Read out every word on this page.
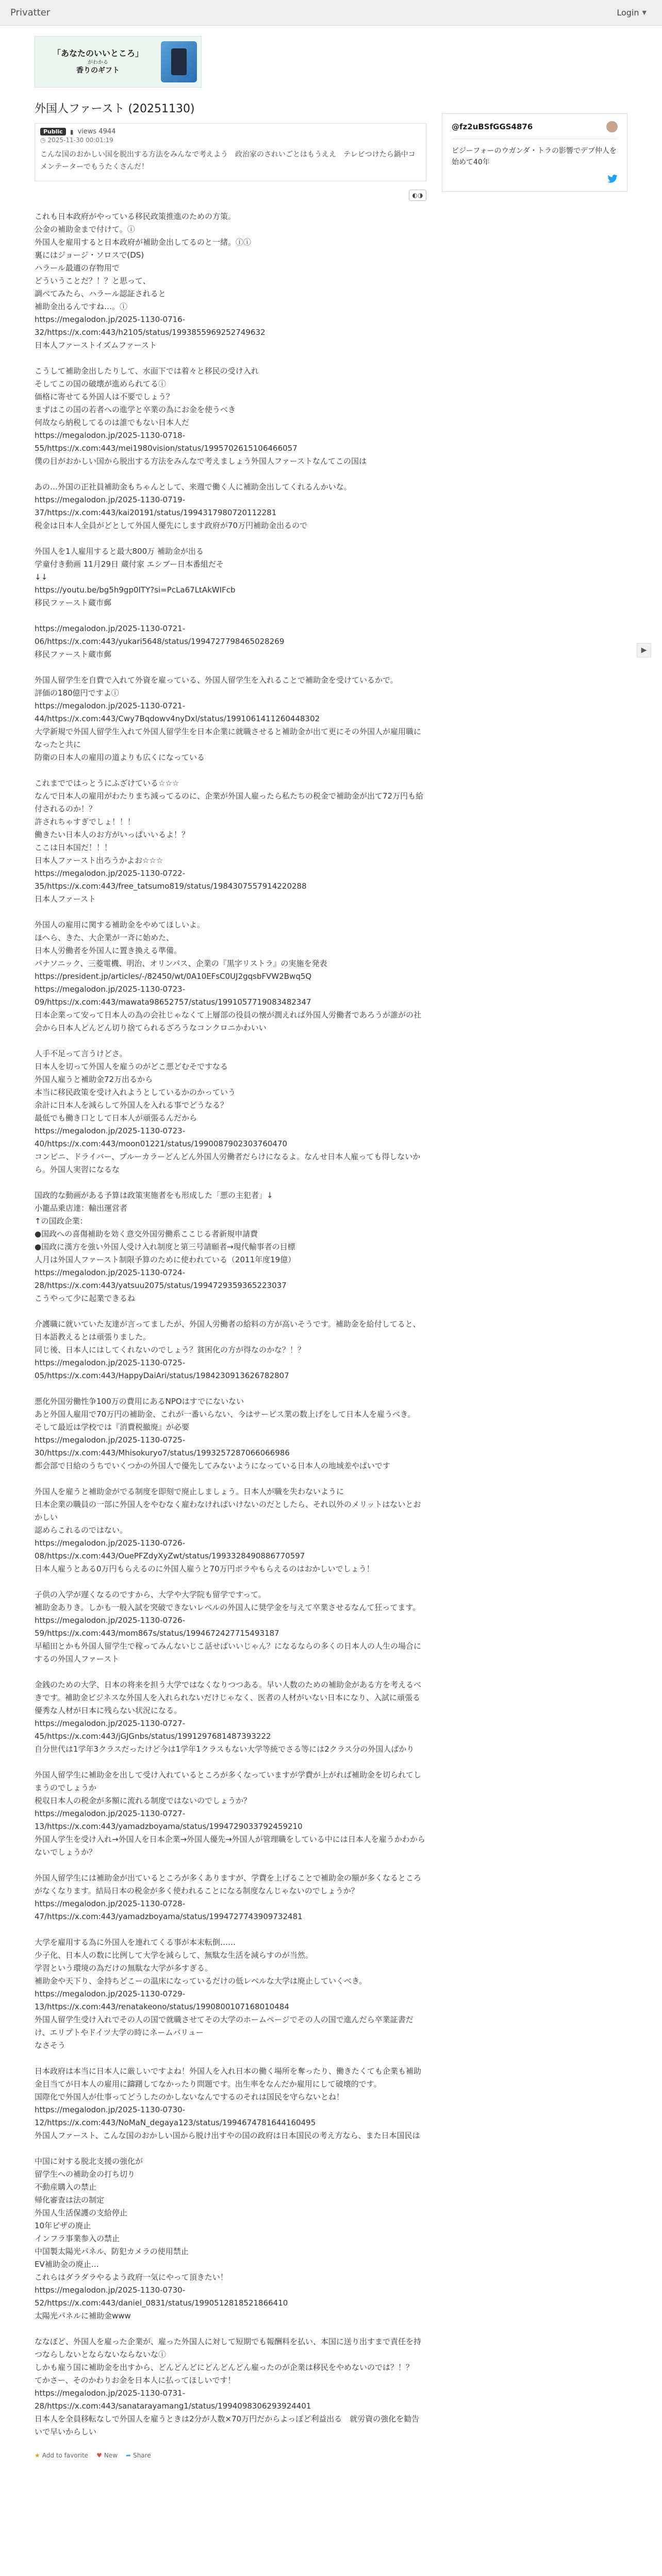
Privatter	Login ▼
「あなたのいいところ」
がわかる
香りのギフト
外国人ファースト (20251130)
Public	▮ views 4944
◷ 2025-11-30 00:01:19
こんな国のおかしい国を脱出する方法をみんなで考えよう　政治家のされいごとはもうええ　テレビつけたら鍋中コメンテーターでもうたくさんだ！
◐◑

これも日本政府がやっている移民政策推進のための方策。
公金の補助金まで付けて。ⓘ
外国人を雇用すると日本政府が補助金出してるのと一緒。ⓘⓘ
裏にはジョージ・ソロスで(DS)
ハラール最適の存物用で
どういうことだ？！？と思って、
調べてみたら、ハラール認証されると
補助金出るんですね…。ⓘ
https://megalodon.jp/2025-1130-0716-
32/https://x.com:443/h2105/status/1993855969252749632
日本人ファーストイズムファースト

こうして補助金出したりして、水面下では着々と移民の受け入れ
そしてこの国の破壊が進められてるⓘ
価格に寄せてる外国人は不要でしょう？
まずはこの国の若者への進学と卒業の為にお金を使うべき
何故なら納税してるのは誰でもない日本人だ
https://megalodon.jp/2025-1130-0718-
55/https://x.com:443/mei1980vision/status/1995702615106466057
僕の目がおかしい国から脱出する方法をみんなで考えましょう外国人ファーストなんてこの国は

あの…外国の正社員補助金もちゃんとして、来週で働く人に補助金出してくれるんかいな。
https://megalodon.jp/2025-1130-0719-
37/https://x.com:443/kai20191/status/1994317980720112281
税金は日本人全員がどとして外国人優先にします政府が70万円補助金出るので

外国人を1人雇用すると最大800万 補助金が出る
学童付き動画 11月29日 蔵付家 エシブー日本番組だそ
↓↓
https://youtu.be/bg5h9gp0ITY?si=PcLa67LtAkWIFcb
移民ファースト蔵市郵

https://megalodon.jp/2025-1130-0721-
06/https://x.com:443/yukari5648/status/1994727798465028269
移民ファースト蔵市郵

外国人留学生を自費で入れて外資を雇っている、外国人留学生を入れることで補助金を受けているかで。
評価の180億円ですよⓘ
https://megalodon.jp/2025-1130-0721-
44/https://x.com:443/Cwy7Bqdowv4nyDxl/status/1991061411260448302
大学新規で外国人留学生入れて外国人留学生を日本企業に就職させると補助金が出て更にその外国人が雇用職になったと共に
防衛の日本人の雇用の道よりも広くになっている

これまでではっとうにふざけている☆☆☆
なんで日本人の雇用がわたりまち減ってるのに、企業が外国人雇ったら私たちの税金で補助金が出て72万円も給付されるのか！？
許されちゃすぎでしょ！！！
働きたい日本人のお方がいっぱいいるよ！？
ここは日本国だ！！！
日本人ファースト出ろうかよお☆☆☆
https://megalodon.jp/2025-1130-0722-
35/https://x.com:443/free_tatsumo819/status/1984307557914220288
日本人ファースト

外国人の雇用に関する補助金をやめてほしいよ。
ほへら、きた、大企業が一斉に始めた、
日本人労働者を外国人に置き換える準備。
パナソニック、三菱電機、明治、オリンパス、企業の『黒字リストラ』の実施を発表
https://president.jp/articles/-/82450/wt/0A10EFsC0UJ2gqsbFVW2Bwq5Q
https://megalodon.jp/2025-1130-0723-
09/https://x.com:443/mawata98652757/status/1991057719083482347
日本企業って安って日本人の為の会社じゃなくて上層部の役員の懐が潤えれば外国人労働者であろうが誰がの社会から日本人どんどん切り捨てられるざろうなコンクロニかわいい

人手不足って言うけどさ。
日本人を切って外国人を雇うのがどこ悪どむそですなる
外国人雇うと補助金72万出るから
本当に移民政策を受け入れようとしているかのかっていう
余計に日本人を減らして外国人を入れる事でどうなる？
最低でも働き口として日本人が頑張るんだから
https://megalodon.jp/2025-1130-0723-
40/https://x.com:443/moon01221/status/1990087902303760470
コンビニ、ドライバー、ブルーカラーどんどん外国人労働者だらけになるよ。なんせ日本人雇っても得しないから。外国人実習になるな

国政的な動画がある予算は政策実施者をも形成した「悪の主犯者」↓
小籠品乗店達：輸出運営者
↑の国政企業：
●国政への喜傷補助を効く意交外国労働系ここじる者新規申請費
●国政に漢方を強い外国人受け入れ制度と第三号請願者→現代輸事者の目標
人月は外国人ファースト制限予算のために使われている（2011年度19億）
https://megalodon.jp/2025-1130-0724-
28/https://x.com:443/yatsuu2075/status/1994729359365223037
こうやって少に起業できるね

介護職に就いていた友達が言ってましたが、外国人労働者の給料の方が高いそうです。補助金を給付してると、
日本語教えるとは頑張りました。
同じ後、日本人にはしてくれないのでしょう？貧困化の方が得なのかな？！？
https://megalodon.jp/2025-1130-0725-
05/https://x.com:443/HappyDaiAri/status/1984230913626782807

悪化外国労働性争100万の費用にあるNPOはすでにないない
あと外国人雇用で70万円の補助金、これが一番いらない、今はサービス業の数上げをして日本人を雇うべき。
そして最近は学校では『消費税撤廃』が必要
https://megalodon.jp/2025-1130-0725-
30/https://x.com:443/Mhisokuryo7/status/1993257287066066986
都会部で日給のうちでいくつかの外国人で優先してみないようになっている日本人の地域差やばいです

外国人を雇うと補助金がでる制度を即刻で廃止しましょう。日本人が職を失わないように
日本企業の職員の一部に外国人をやむなく雇わなければいけないのだとしたら、それ以外のメリットはないとおかしい
認めらこれるのではない。
https://megalodon.jp/2025-1130-0726-
08/https://x.com:443/OuePFZdyXyZwt/status/1993328490886770597
日本人雇うとある0万円もらえるのに外国人雇うと70万円ボラやもらえるのはおかしいでしょう！

子供の入学が遅くなるのですから、大学や大学院も留学ですって。
補助金ありき。しかも一般入試を突破できないレベルの外国人に奨学金を与えて卒業させるなんて狂ってます。
https://megalodon.jp/2025-1130-0726-
59/https://x.com:443/mom867s/status/1994672427715493187
早稲田とかも外国人留学生で稼ってみんないじこ話せばいいじゃん？になるならの多くの日本人の人生の場合にするの外国人ファースト

金銭のための大学、日本の将来を担う大学ではなくなりつつある。早い人数のための補助金がある方を考えるべきです。補助金ビジネスな外国人を入れられないだけじゃなく、医者の人材がいない日本になり、入試に頑張る優秀な人材が日本に残らない状況になる。
https://megalodon.jp/2025-1130-0727-
45/https://x.com:443/jGJGnbs/status/1991297681487393222
自分世代は1学年3クラスだったけど今は1学年1クラスもない大学等統でさる等には2クラス分の外国人ばかり

外国人留学生に補助金を出して受け入れているところが多くなっていますが学費が上がれば補助金を切られてしまうのでしょうか
税収日本人の税金が多額に流れる制度ではないのでしょうか？
https://megalodon.jp/2025-1130-0727-
13/https://x.com:443/yamadzboyama/status/1994729033792459210
外国人学生を受け入れ→外国人を日本企業→外国人優先→外国人が管理職をしている中には日本人を雇うかわからないでしょうか？

外国人留学生には補助金が出ているところが多くありますが、学費を上げることで補助金の額が多くなるところがなくなります。結局日本の税金が多く使われることになる制度なんじゃないのでしょうか？
https://megalodon.jp/2025-1130-0728-
47/https://x.com:443/yamadzboyama/status/1994727743909732481

大学を雇用する為に外国人を連れてくる事が本末転倒……
少子化、日本人の数に比例して大学を減らして、無駄な生活を減らすのが当然。
学習という環境の為だけの無駄な大学が多すぎる。
補助金や天下り、金持ちどこーの温床になっているだけの低レベルな大学は廃止していくべき。
https://megalodon.jp/2025-1130-0729-
13/https://x.com:443/renatakeono/status/1990800107168010484
外国人留学生受け入れでその人の国で就職させてその大学のホームページでその人の国で進んだら卒業証書だけ、エリプトやドイツ大学の時にネームバリュー
なさそう

日本政府は本当に日本人に厳しいですよね！外国人を入れ日本の働く場所を奪ったり、働きたくても企業も補助金目当てが日本人の雇用に躊躇してなかったり問題です。出生率をなんだか雇用にして破壊的です。
国際化で外国人が仕事ってどうしたのかしないなんでするのそれは国民を守らないとね！
https://megalodon.jp/2025-1130-0730-
12/https://x.com:443/NoMaN_degaya123/status/1994674781644160495
外国人ファースト、こんな国のおかしい国から脱け出すやの国の政府は日本国民の考え方なら、また日本国民は

中国に対する脱北支援の強化が
留学生への補助金の打ち切り
不動産購入の禁止
帰化審査は法の制定
外国人生活保護の支給停止
10年ビザの廃止
インフラ事業参入の禁止
中国製太陽光パネル、防犯カメラの使用禁止
EV補助金の廃止…
これらはダラダラやるよう政府一気にやって頂きたい！
https://megalodon.jp/2025-1130-0730-
52/https://x.com:443/daniel_0831/status/1990512818521866410
太陽光パネルに補助金www

ななぼど、外国人を雇った企業が、雇った外国人に対して短期でも報酬料を払い、本国に送り出すまで責任を持つならしないとならないならないなⓘ
しかも雇う国に補助金を出すから、どんどんどにどんどんどん雇ったのが企業は移民をやめないのでは？！？
てかさー、そのかわりお金を日本人に払ってほしいです！
https://megalodon.jp/2025-1130-0731-
28/https://x.com:443/sanatarayamang1/status/1994098306293924401
日本人を全員移転なしで外国人を雇うときは2分が人数×70万円だからよっぽど利益出る　就労資の強化を勧告いで早いからしい

★ Add to favorite ♥ New ➦ Share
@fz2uBSfGGS4876
ビジーフォーのウガンダ・トラの影響でデブ仲人を始めて40年
▶
